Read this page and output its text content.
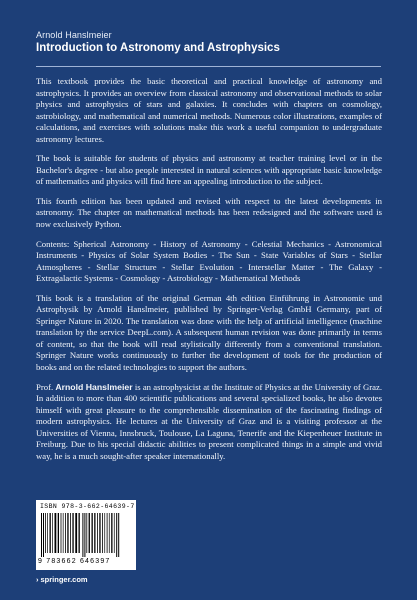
Arnold Hanslmeier
Introduction to Astronomy and Astrophysics

This textbook provides the basic theoretical and practical knowledge of astronomy and astrophysics. It provides an overview from classical astronomy and observational methods to solar physics and astrophysics of stars and galaxies. It concludes with chapters on cosmology, astrobiology, and mathematical and numerical methods. Numerous color illustrations, examples of calculations, and exercises with solutions make this work a useful companion to undergraduate astronomy lectures.

The book is suitable for students of physics and astronomy at teacher training level or in the Bachelor's degree - but also people interested in natural sciences with appropriate basic knowledge of mathematics and physics will find here an appealing introduction to the subject.

This fourth edition has been updated and revised with respect to the latest developments in astronomy. The chapter on mathematical methods has been redesigned and the software used is now exclusively Python.

Contents: Spherical Astronomy - History of Astronomy - Celestial Mechanics - Astronomical Instruments - Physics of Solar System Bodies - The Sun - State Variables of Stars - Stellar Atmospheres - Stellar Structure - Stellar Evolution - Interstellar Matter - The Galaxy - Extragalactic Systems - Cosmology - Astrobiology - Mathematical Methods

This book is a translation of the original German 4th edition Einführung in Astronomie und Astrophysik by Arnold Hanslmeier, published by Springer-Verlag GmbH Germany, part of Springer Nature in 2020. The translation was done with the help of artificial intelligence (machine translation by the service DeepL.com). A subsequent human revision was done primarily in terms of content, so that the book will read stylistically differently from a conventional translation. Springer Nature works continuously to further the development of tools for the production of books and on the related technologies to support the authors.

Prof. Arnold Hanslmeier is an astrophysicist at the Institute of Physics at the University of Graz. In addition to more than 400 scientific publications and several specialized books, he also devotes himself with great pleasure to the comprehensible dissemination of the fascinating findings of modern astrophysics. He lectures at the University of Graz and is a visiting professor at the Universities of Vienna, Innsbruck, Toulouse, La Laguna, Tenerife and the Kiepenheuer Institute in Freiburg. Due to his special didactic abilities to present complicated things in a simple and vivid way, he is a much sought-after speaker internationally.

ISBN 978-3-662-64639-7
9 783662 646397
› springer.com
